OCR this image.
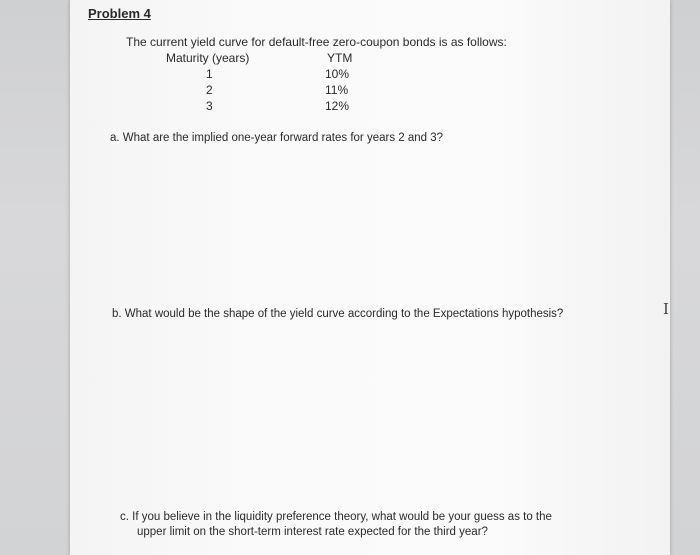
Problem 4
The current yield curve for default-free zero-coupon bonds is as follows:
Maturity (years)	YTM
1	10%
2	11%
3	12%
a. What are the implied one-year forward rates for years 2 and 3?
b. What would be the shape of the yield curve according to the Expectations hypothesis?
c. If you believe in the liquidity preference theory, what would be your guess as to the
upper limit on the short-term interest rate expected for the third year?
I
